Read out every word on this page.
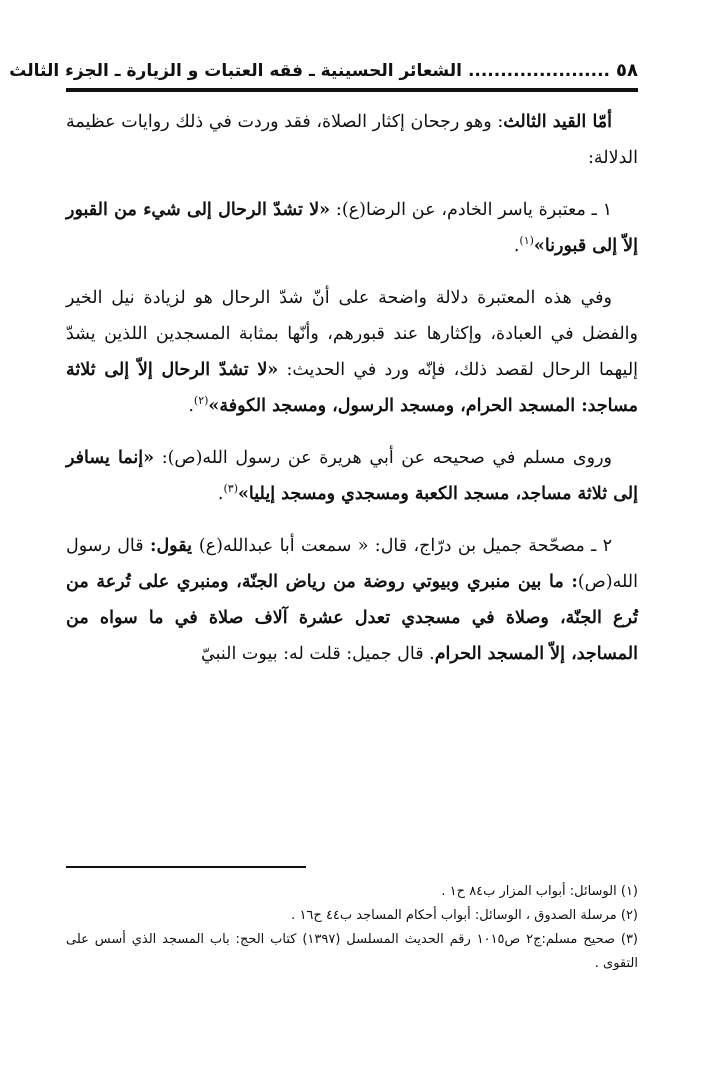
٥٨
......................
الشعائر الحسينية ـ فقه العتبات و الزيارة ـ الجزء الثالث

أمّا القيد الثالث: وهو رجحان إكثار الصلاة، فقد وردت في ذلك روايات عظيمة الدلالة:

١ ـ معتبرة ياسر الخادم، عن الرضا(ع): «لا تشدّ الرحال إلى شيء من القبور إلاّ إلى قبورنا»$^{(١)}$.

وفي هذه المعتبرة دلالة واضحة على أنّ شدّ الرحال هو لزيادة نيل الخير والفضل في العبادة، وإكثارها عند قبورهم، وأنّها بمثابة المسجدين اللذين يشدّ إليهما الرحال لقصد ذلك، فإنّه ورد في الحديث: «لا تشدّ الرحال إلاّ إلى ثلاثة مساجد: المسجد الحرام، ومسجد الرسول، ومسجد الكوفة»$^{(٢)}$.

وروى مسلم في صحيحه عن أبي هريرة عن رسول الله(ص): «إنما يسافر إلى ثلاثة مساجد، مسجد الكعبة ومسجدي ومسجد إيليا»$^{(٣)}$.

٢ ـ مصحّحة جميل بن درّاج، قال: « سمعت أبا عبدالله(ع) يقول: قال رسول الله(ص): ما بين منبري وبيوتي روضة من رياض الجنّة، ومنبري على تُرعة من تُرع الجنّة، وصلاة في مسجدي تعدل عشرة آلاف صلاة في ما سواه من المساجد، إلاّ المسجد الحرام. قال جميل: قلت له: بيوت النبيّ

(١) الوسائل: أبواب المزار ب٨٤ ح١ .

(٢) مرسلة الصدوق ، الوسائل: أبواب أحكام المساجد ب٤٤ ح١٦ .

(٣) صحيح مسلم:ج٢ ص١٠١٥ رقم الحديث المسلسل (١٣٩٧) كتاب الحج: باب المسجد الذي أسس على التقوى .
